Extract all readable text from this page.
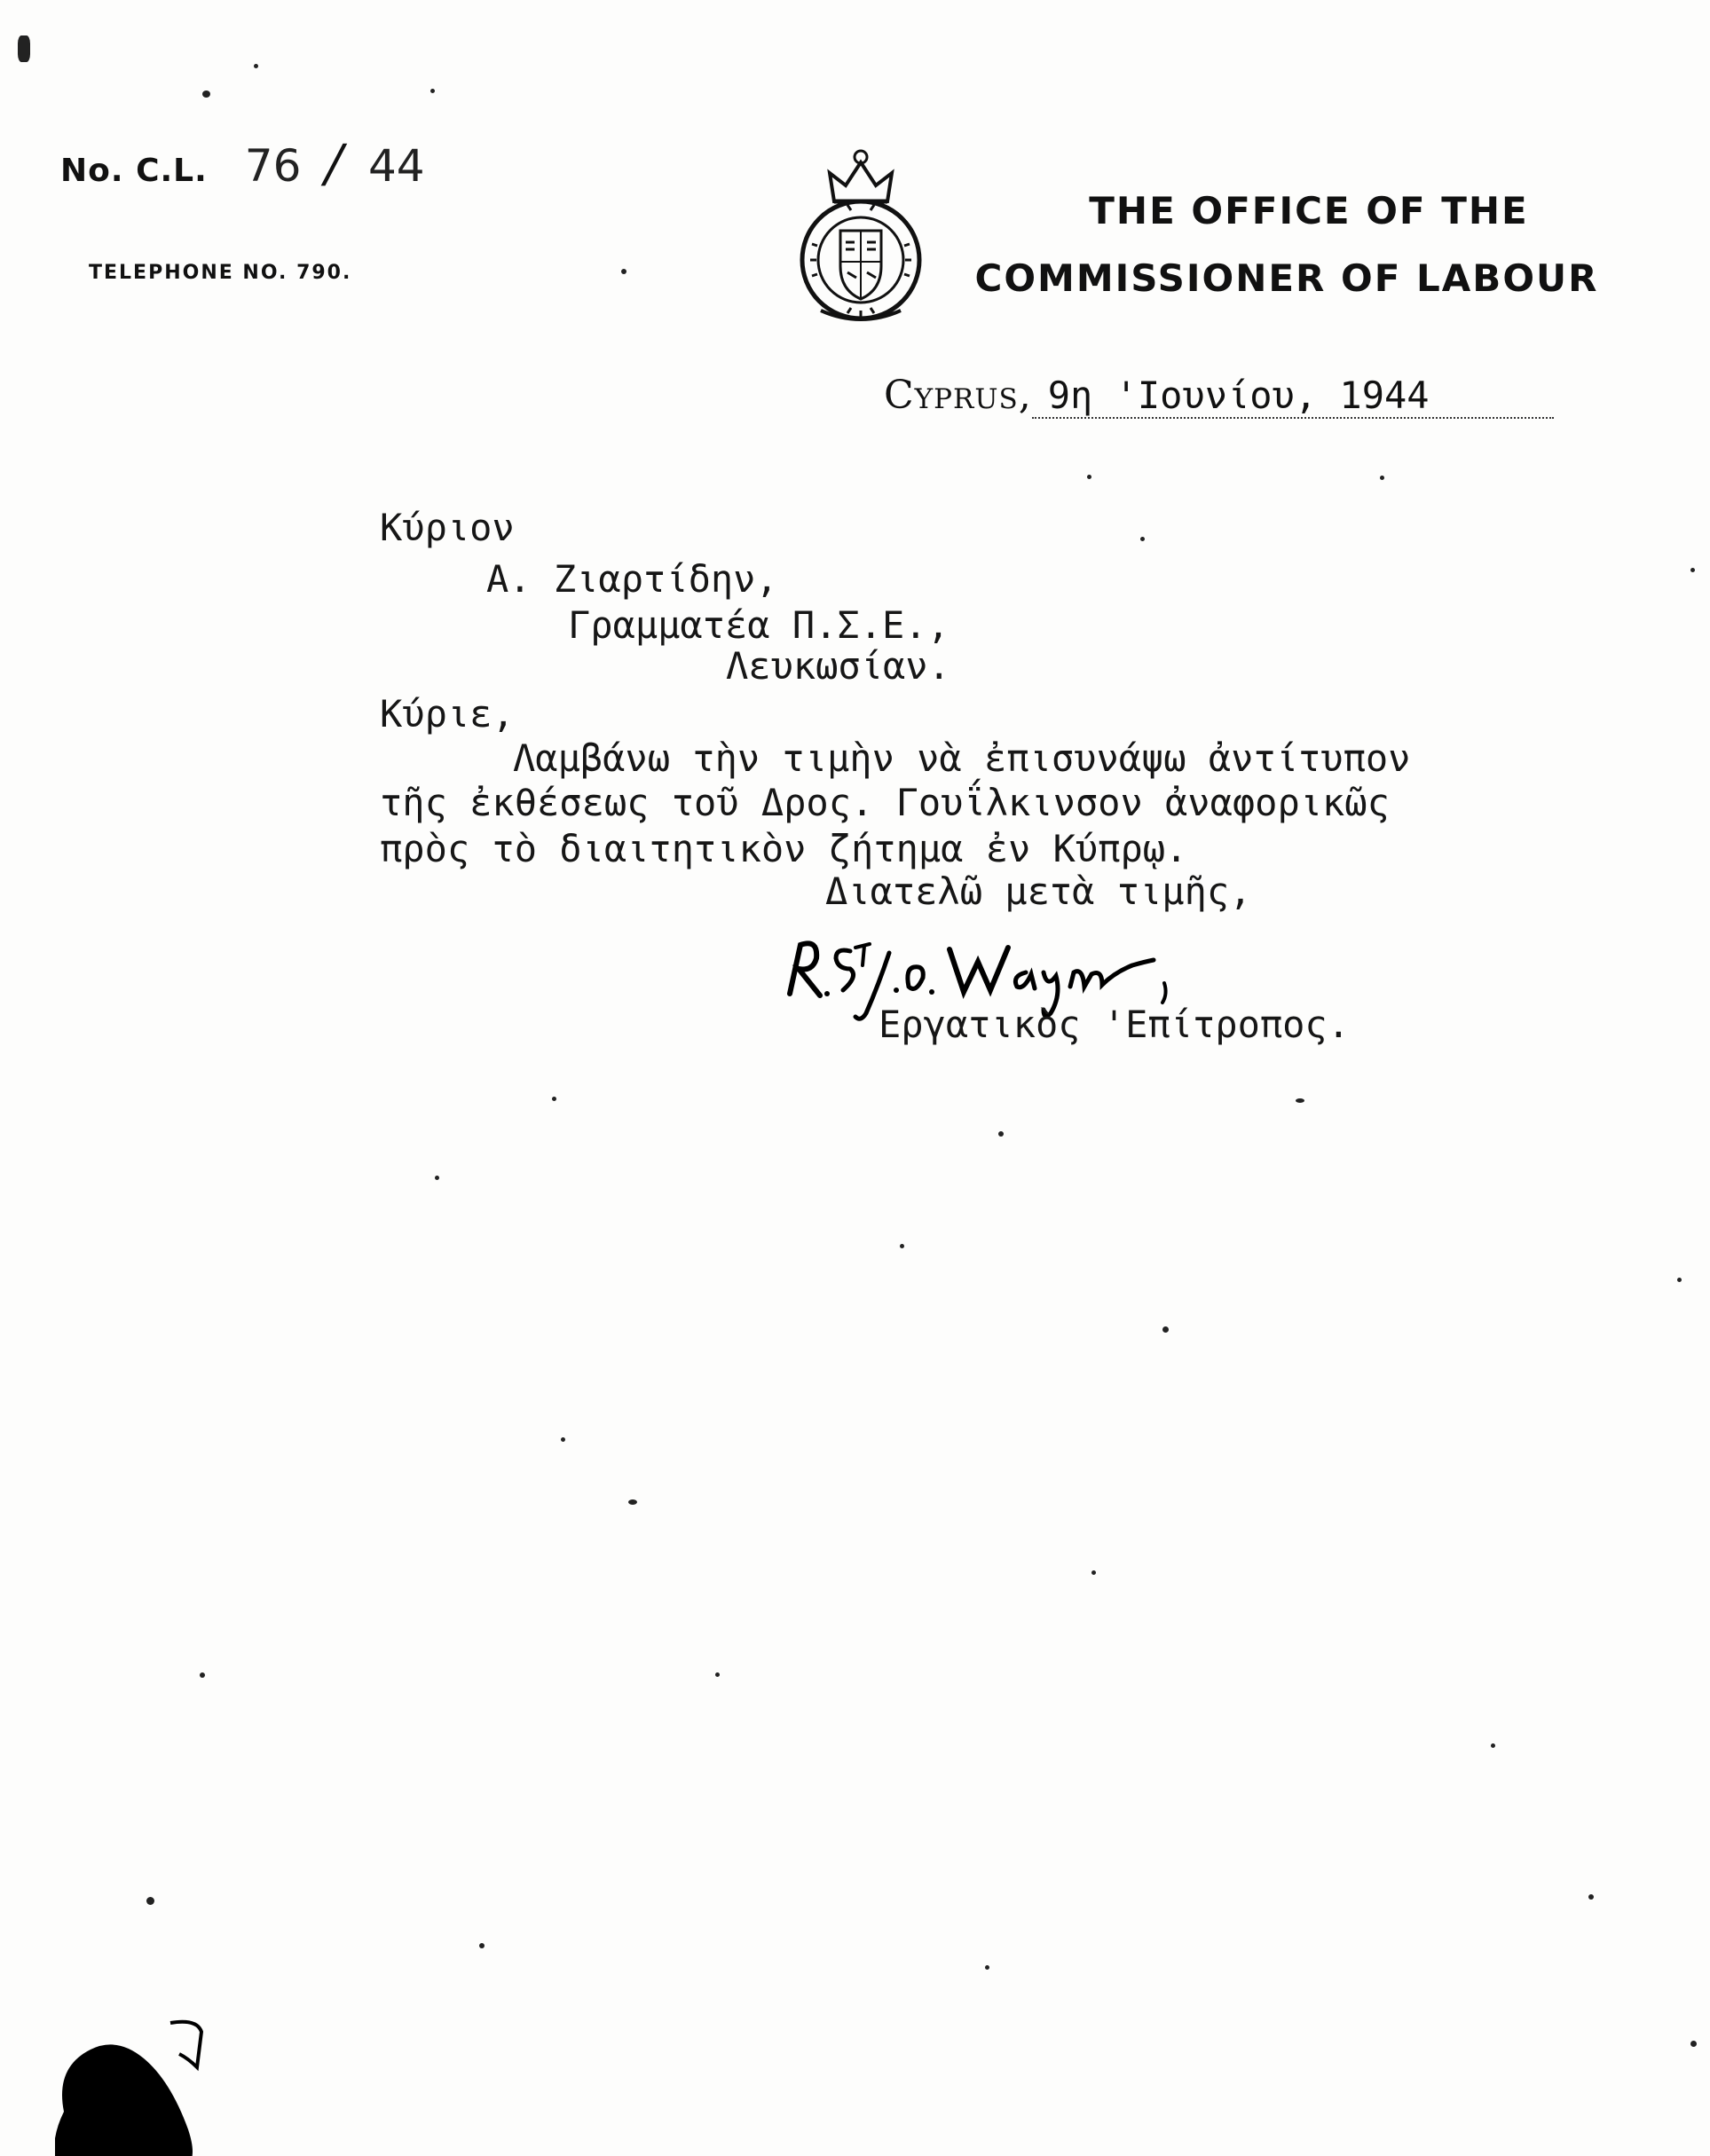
No. C.L. 76 / 44
TELEPHONE NO. 790.
THE OFFICE OF THE
COMMISSIONER OF LABOUR
Cyprus, 9η 'Ιουνίου, 1944
Κύριον
Α. Ζιαρτίδην,
Γραμματέα Π.Σ.Ε.,
Λευκωσίαν.
Κύριε,
Λαμβάνω τὴν τιμὴν νὰ ἐπισυνάψω ἀντίτυπον
τῆς ἐκθέσεως τοῦ Δρος. Γουΐλκινσον ἀναφορικῶς
πρὸς τὸ διαιτητικὸν ζήτημα ἐν Κύπρῳ.
Διατελῶ μετὰ τιμῆς,
Εργατικὸς 'Επίτροπος.
